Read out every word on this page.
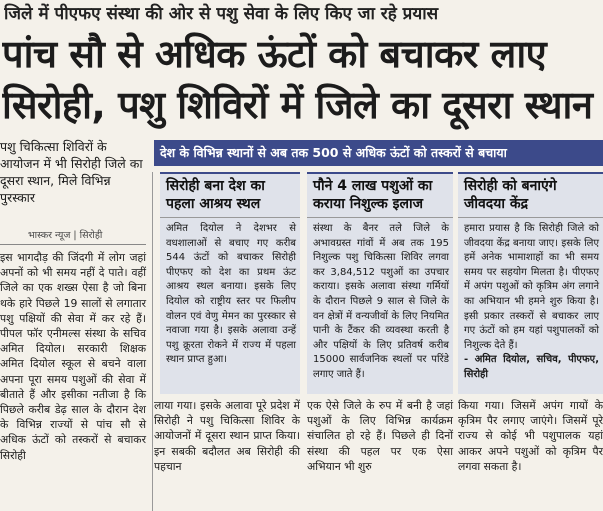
जिले में पीएफए संस्था की ओर से पशु सेवा के लिए किए जा रहे प्रयास
पांच सौ से अधिक ऊंटों को बचाकर लाए
सिरोही, पशु शिविरों में जिले का दूसरा स्थान
पशु चिकित्सा शिविरों के आयोजन में भी सिरोही जिले का दूसरा स्थान, मिले विभिन्न पुरस्कार
भास्कर न्यूज | सिरोही
देश के विभिन्न स्थानों से अब तक 500 से अधिक ऊंटों को तस्करों से बचाया
इस भागदौड़ की जिंदगी में लोग जहां अपनों को भी समय नहीं दे पाते। वहीं जिले का एक शख्स ऐसा है जो बिना थके हारे पिछले 19 सालों से लगातार पशु पक्षियों की सेवा में कर रहे हैं। पीपल फॉर एनीमल्स संस्था के सचिव अमित दियोल। सरकारी शिक्षक अमित दियोल स्कूल से बचने वाला अपना पूरा समय पशुओं की सेवा में बीताते हैं और इसीका नतीजा है कि पिछले करीब डेढ़ साल के दौरान देश के विभिन्न राज्यों से पांच सौ से अधिक ऊंटों को तस्करों से बचाकर सिरोही
सिरोही बना देश का पहला आश्रय स्थल
अमित दियोल ने देशभर से वधशालाओं से बचाए गए करीब 544 ऊंटों को बचाकर सिरोही पीएफए को देश का प्रथम ऊंट आश्रय स्थल बनाया। इसके लिए दियोल को राष्ट्रीय स्तर पर फिलीप वोलन एवं वेणु मेमन का पुरस्कार से नवाजा गया है। इसके अलावा उन्हें पशु क्रूरता रोकने में राज्य में पहला स्थान प्राप्त हुआ।
पौने 4 लाख पशुओं का कराया निशुल्क इलाज
संस्था के बैनर तले जिले के अभावग्रस्त गांवों में अब तक 195 निशुल्क पशु चिकित्सा शिविर लगवा कर 3,84,512 पशुओं का उपचार कराया। इसके अलावा संस्था गर्मियों के दौरान पिछले 9 साल से जिले के वन क्षेत्रों में वन्यजीवों के लिए नियमित पानी के टैंकर की व्यवस्था करती है और पक्षियों के लिए प्रतिवर्ष करीब 15000 सार्वजनिक स्थलों पर परिंडे लगाए जाते हैं।
सिरोही को बनाएंगे जीवदया केंद्र
हमारा प्रयास है कि सिरोही जिले को जीवदया केंद्र बनाया जाए। इसके लिए हमें अनेक भामाशाहों का भी समय समय पर सहयोग मिलता है। पीएफए में अपंग पशुओं को कृत्रिम अंग लगाने का अभियान भी हमने शुरु किया है। इसी प्रकार तस्करों से बचाकर लाए गए ऊंटों को हम यहां पशुपालकों को निशुल्क देते हैं।
- अमित दियोल, सचिव, पीएफए, सिरोही
लाया गया। इसके अलावा पूरे प्रदेश में सिरोही ने पशु चिकित्सा शिविर के आयोजनों में दूसरा स्थान प्राप्त किया। इन सबकी बदौलत अब सिरोही की पहचान
एक ऐसे जिले के रुप में बनी है जहां पशुओं के लिए विभिन्न कार्यक्रम संचालित हो रहे हैं। पिछले ही दिनों संस्था की पहल पर एक ऐसा अभियान भी शुरु
किया गया। जिसमें अपंग गायों के कृत्रिम पैर लगाए जाएंगे। जिसमें पूरे राज्य से कोई भी पशुपालक यहां आकर अपने पशुओं को कृत्रिम पैर लगवा सकता है।
